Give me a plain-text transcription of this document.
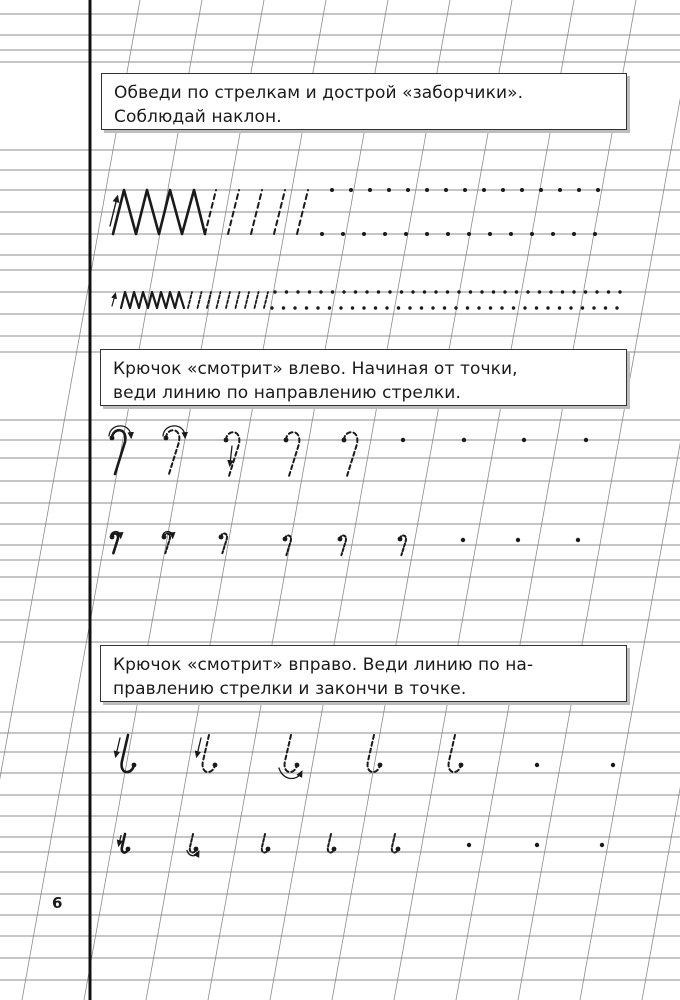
Обведи по стрелкам и дострой «заборчики».

Соблюдай наклон.

Крючок «смотрит» влево. Начиная от точки,

веди линию по направлению стрелки.

Крючок «смотрит» вправо. Веди линию по на-

правлению стрелки и закончи в точке.

6
